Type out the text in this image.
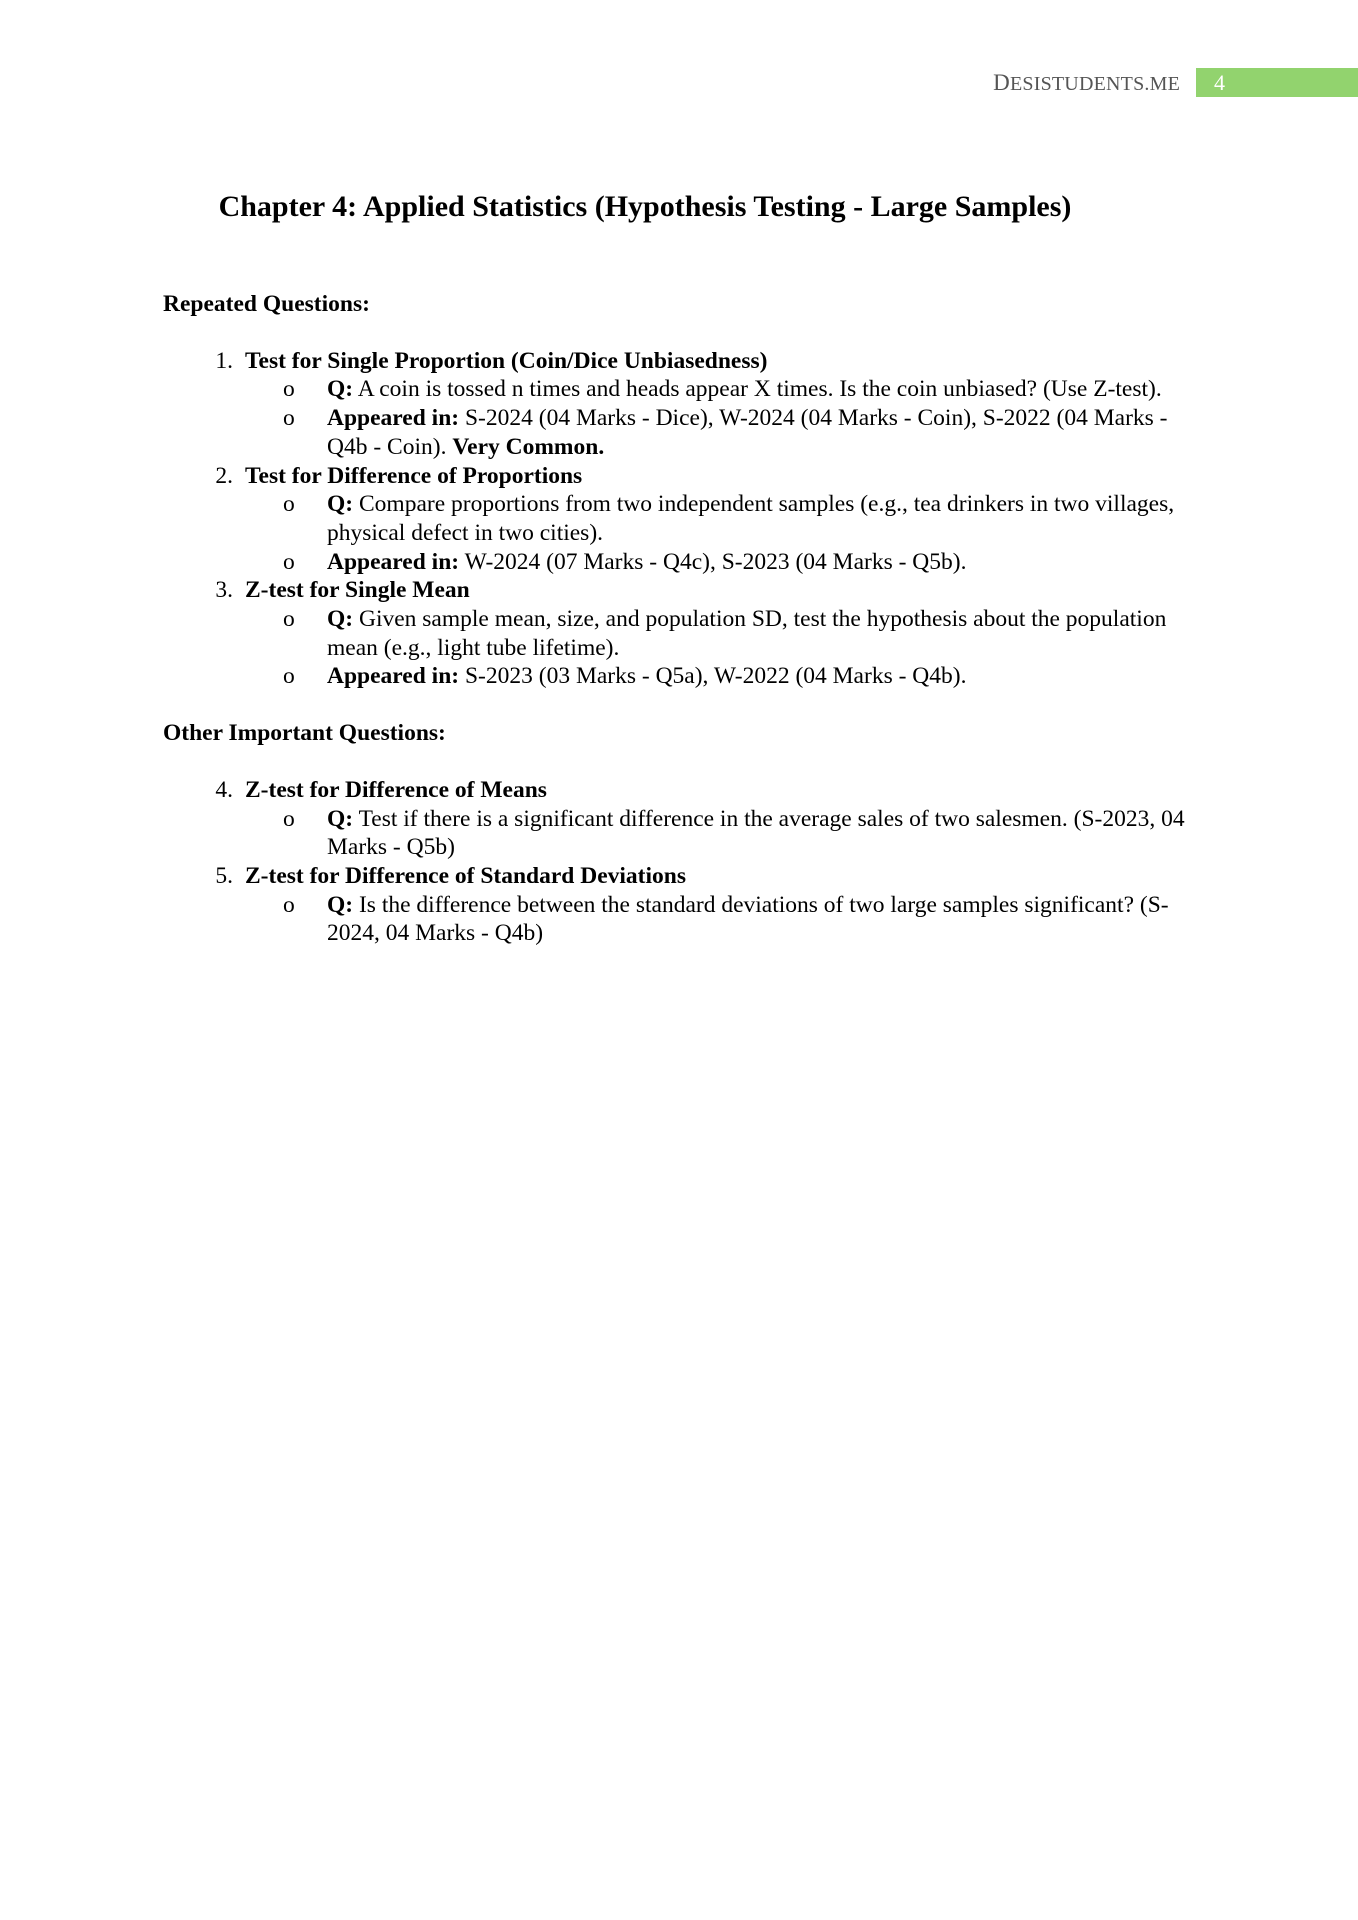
DESISTUDENTS.ME 4
Chapter 4: Applied Statistics (Hypothesis Testing - Large Samples)

Repeated Questions:

1. Test for Single Proportion (Coin/Dice Unbiasedness)
o Q: A coin is tossed n times and heads appear X times. Is the coin unbiased? (Use Z-test).
o Appeared in: S-2024 (04 Marks - Dice), W-2024 (04 Marks - Coin), S-2022 (04 Marks - Q4b - Coin). Very Common.
2. Test for Difference of Proportions
o Q: Compare proportions from two independent samples (e.g., tea drinkers in two villages, physical defect in two cities).
o Appeared in: W-2024 (07 Marks - Q4c), S-2023 (04 Marks - Q5b).
3. Z-test for Single Mean
o Q: Given sample mean, size, and population SD, test the hypothesis about the population mean (e.g., light tube lifetime).
o Appeared in: S-2023 (03 Marks - Q5a), W-2022 (04 Marks - Q4b).

Other Important Questions:

4. Z-test for Difference of Means
o Q: Test if there is a significant difference in the average sales of two salesmen. (S-2023, 04 Marks - Q5b)
5. Z-test for Difference of Standard Deviations
o Q: Is the difference between the standard deviations of two large samples significant? (S-2024, 04 Marks - Q4b)
